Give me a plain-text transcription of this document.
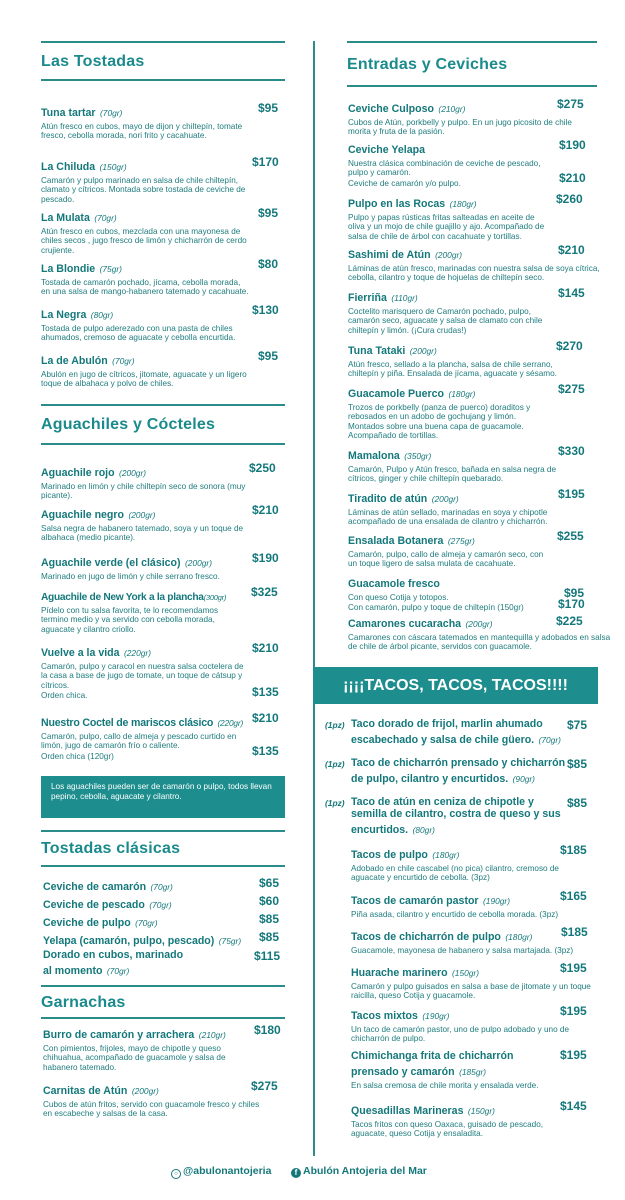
Las Tostadas
Tuna tartar (70gr)
Atún fresco en cubos, mayo de dijon y chiltepín, tomate fresco, cebolla morada, nori frito y cacahuate.
$95
La Chiluda (150gr)
Camarón y pulpo marinado en salsa de chile chiltepín, clamato y cítricos. Montada sobre tostada de ceviche de pescado.
$170
La Mulata (70gr)
Atún fresco en cubos, mezclada con una mayonesa de chiles secos , jugo fresco de limón y chicharrón de cerdo crujiente.
$95
La Blondie (75gr)
Tostada de camarón pochado, jícama, cebolla morada, en una salsa de mango-habanero tatemado y cacahuate.
$80
La Negra (80gr)
Tostada de pulpo aderezado con una pasta de chiles ahumados, cremoso de aguacate y cebolla encurtida.
$130
La de Abulón (70gr)
Abulón en jugo de cítricos, jitomate, aguacate y un ligero toque de albahaca y polvo de chiles.
$95
Aguachiles y Cócteles
Aguachile rojo (200gr)
Marinado en limón y chile chiltepín seco de sonora (muy picante).
$250
Aguachile negro (200gr)
Salsa negra de habanero tatemado, soya y un toque de albahaca (medio picante).
$210
Aguachile verde (el clásico) (200gr)
Marinado en jugo de limón y chile serrano fresco.
$190
Aguachile de New York a la plancha(300gr)
Pídelo con tu salsa favorita, te lo recomendamos termino medio y va servido con cebolla morada, aguacate y cilantro criollo.
$325
Vuelve a la vida (220gr)
Camarón, pulpo y caracol en nuestra salsa coctelera de la casa a base de jugo de tomate, un toque de cátsup y cítricos.
Orden chica.
$210
$135
Nuestro Coctel de mariscos clásico (220gr)
Camarón, pulpo, callo de almeja y pescado curtido en limón, jugo de camarón frío o caliente.
Orden chica (120gr)
$210
$135
Los aguachiles pueden ser de camarón o pulpo, todos llevan pepino, cebolla, aguacate y cilantro.
Tostadas clásicas
Ceviche de camarón (70gr)	$65
Ceviche de pescado (70gr)	$60
Ceviche de pulpo (70gr)	$85
Yelapa (camarón, pulpo, pescado) (75gr) $85
Dorado en cubos, marinado
al momento (70gr)
$115
Garnachas
Burro de camarón y arrachera (210gr)
Con pimientos, frijoles, mayo de chipotle y queso chihuahua, acompañado de guacamole y salsa de habanero tatemado.
$180
Carnitas de Atún (200gr)
Cubos de atún fritos, servido con guacamole fresco y chiles en escabeche y salsas de la casa.
$275
Entradas y Ceviches
Ceviche Culposo (210gr)
Cubos de Atún, porkbelly y pulpo. En un jugo picosito de chile morita y fruta de la pasión.
$275
Ceviche Yelapa
Nuestra clásica combinación de ceviche de pescado, pulpo y camarón.
Ceviche de camarón y/o pulpo.
$190
$210
Pulpo en las Rocas (180gr)
Pulpo y papas rústicas fritas salteadas en aceite de oliva y un mojo de chile guajillo y ajo. Acompañado de salsa de chile de árbol con cacahuate y tortillas.
$260
Sashimi de Atún (200gr)
Láminas de atún fresco, marinadas con nuestra salsa de soya cítrica, cebolla, cilantro y toque de hojuelas de chiltepín seco.
$210
Fierriña (110gr)
Coctelito marisquero de Camarón pochado, pulpo, camarón seco, aguacate y salsa de clamato con chile chiltepín y limón. (¡Cura crudas!)
$145
Tuna Tataki (200gr)
Atún fresco, sellado a la plancha, salsa de chile serrano, chiltepín y piña. Ensalada de jícama, aguacate y sésamo.
$270
Guacamole Puerco (180gr)
Trozos de porkbelly (panza de puerco) doraditos y rebosados en un adobo de gochujang y limón. Montados sobre una buena capa de guacamole. Acompañado de tortillas.
$275
Mamalona (350gr)
Camarón, Pulpo y Atún fresco, bañada en salsa negra de cítricos, ginger y chile chiltepín quebarado.
$330
Tiradito de atún (200gr)
Láminas de atún sellado, marinadas en soya y chipotle acompañado de una ensalada de cilantro y chicharrón.
$195
Ensalada Botanera (275gr)
Camarón, pulpo, callo de almeja y camarón seco, con un toque ligero de salsa mulata de cacahuate.
$255
Guacamole fresco
Con queso Cotija y totopos.
Con camarón, pulpo y toque de chiltepín (150gr)
$95
$170
Camarones cucaracha (200gr)
Camarones con cáscara tatemados en mantequilla y adobados en salsa de chile de árbol picante, servidos con guacamole.
$225
¡¡¡¡TACOS, TACOS, TACOS!!!!
(1pz) Taco dorado de frijol, marlin ahumado
escabechado y salsa de chile güero. (70gr)
$75
(1pz) Taco de chicharrón prensado y chicharrón
de pulpo, cilantro y encurtidos. (90gr)
$85
(1pz) Taco de atún en ceniza de chipotle y
semilla de cilantro, costra de queso y sus
encurtidos. (80gr)
$85
Tacos de pulpo (180gr)
Adobado en chile cascabel (no pica) cilantro, cremoso de aguacate y encurtido de cebolla. (3pz)
$185
Tacos de camarón pastor (190gr)
Piña asada, cilantro y encurtido de cebolla morada. (3pz)
$165
Tacos de chicharrón de pulpo (180gr)
Guacamole, mayonesa de habanero y salsa martajada. (3pz)
$185
Huarache marinero (150gr)
Camarón y pulpo guisados en salsa a base de jitomate y un toque raicilla, queso Cotija y guacamole.
$195
Tacos mixtos (190gr)
Un taco de camarón pastor, uno de pulpo adobado y uno de chicharrón de pulpo.
$195
Chimichanga frita de chicharrón
prensado y camarón (185gr)
En salsa cremosa de chile morita y ensalada verde.
$195
Quesadillas Marineras (150gr)
Tacos fritos con queso Oaxaca, guisado de pescado, aguacate, queso Cotija y ensaladita.
$145
○ @abulonantojeria	f Abulón Antojeria del Mar
